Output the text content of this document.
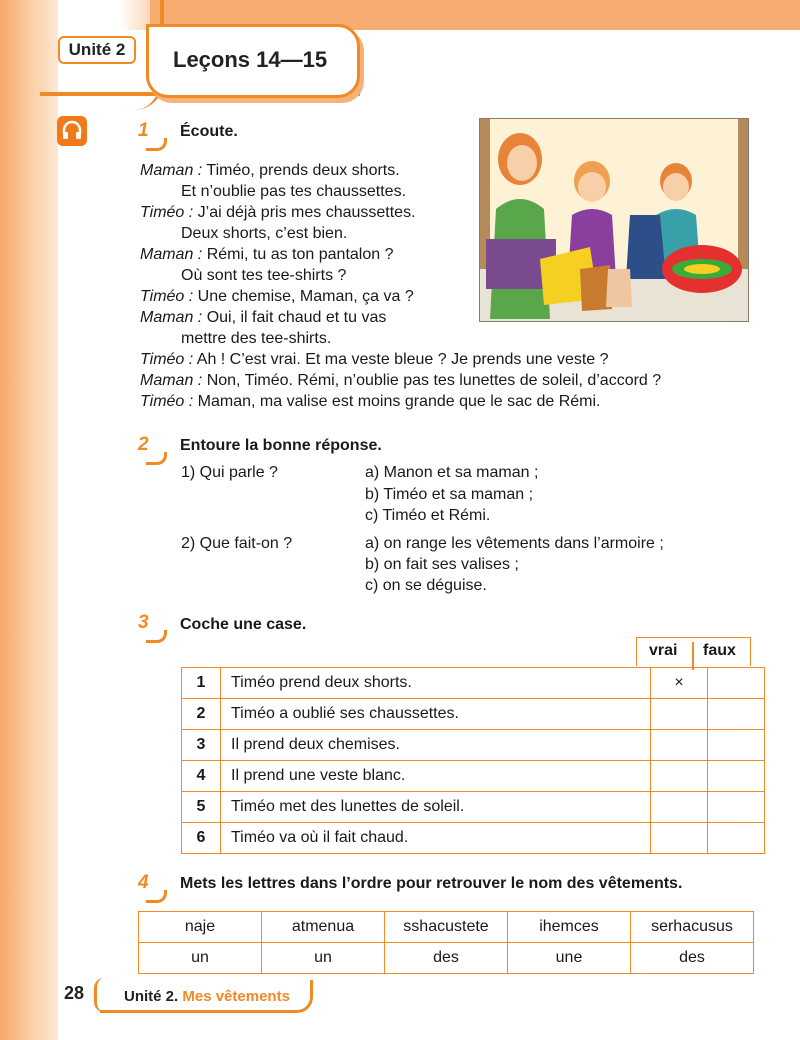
Unité 2	Leçons 14—15
1 Écoute.
Maman : Timéo, prends deux shorts.
Et n’oublie pas tes chaussettes.
Timéo : J’ai déjà pris mes chaussettes.
Deux shorts, c’est bien.
Maman : Rémi, tu as ton pantalon ?
Où sont tes tee-shirts ?
Timéo : Une chemise, Maman, ça va ?
Maman : Oui, il fait chaud et tu vas
mettre des tee-shirts.
Timéo : Ah ! C’est vrai. Et ma veste bleue ? Je prends une veste ?
Maman : Non, Timéo. Rémi, n’oublie pas tes lunettes de soleil, d’accord ?
Timéo : Maman, ma valise est moins grande que le sac de Rémi.
2 Entoure la bonne réponse.
1) Qui parle ?	a) Manon et sa maman ;
b) Timéo et sa maman ;
c) Timéo et Rémi.
2) Que fait-on ?	a) on range les vêtements dans l’armoire ;
b) on fait ses valises ;
c) on se déguise.
3 Coche une case.
vrai faux
1	Timéo prend deux shorts.	×	
2	Timéo a oublié ses chaussettes.		
3	Il prend deux chemises.		
4	Il prend une veste blanc.		
5	Timéo met des lunettes de soleil.		
6	Timéo va où il fait chaud.		
4 Mets les lettres dans l’ordre pour retrouver le nom des vêtements.
naje	atmenua	sshacustete	ihemces	serhacusus
un	un	des	une	des
28	Unité 2. Mes vêtements
